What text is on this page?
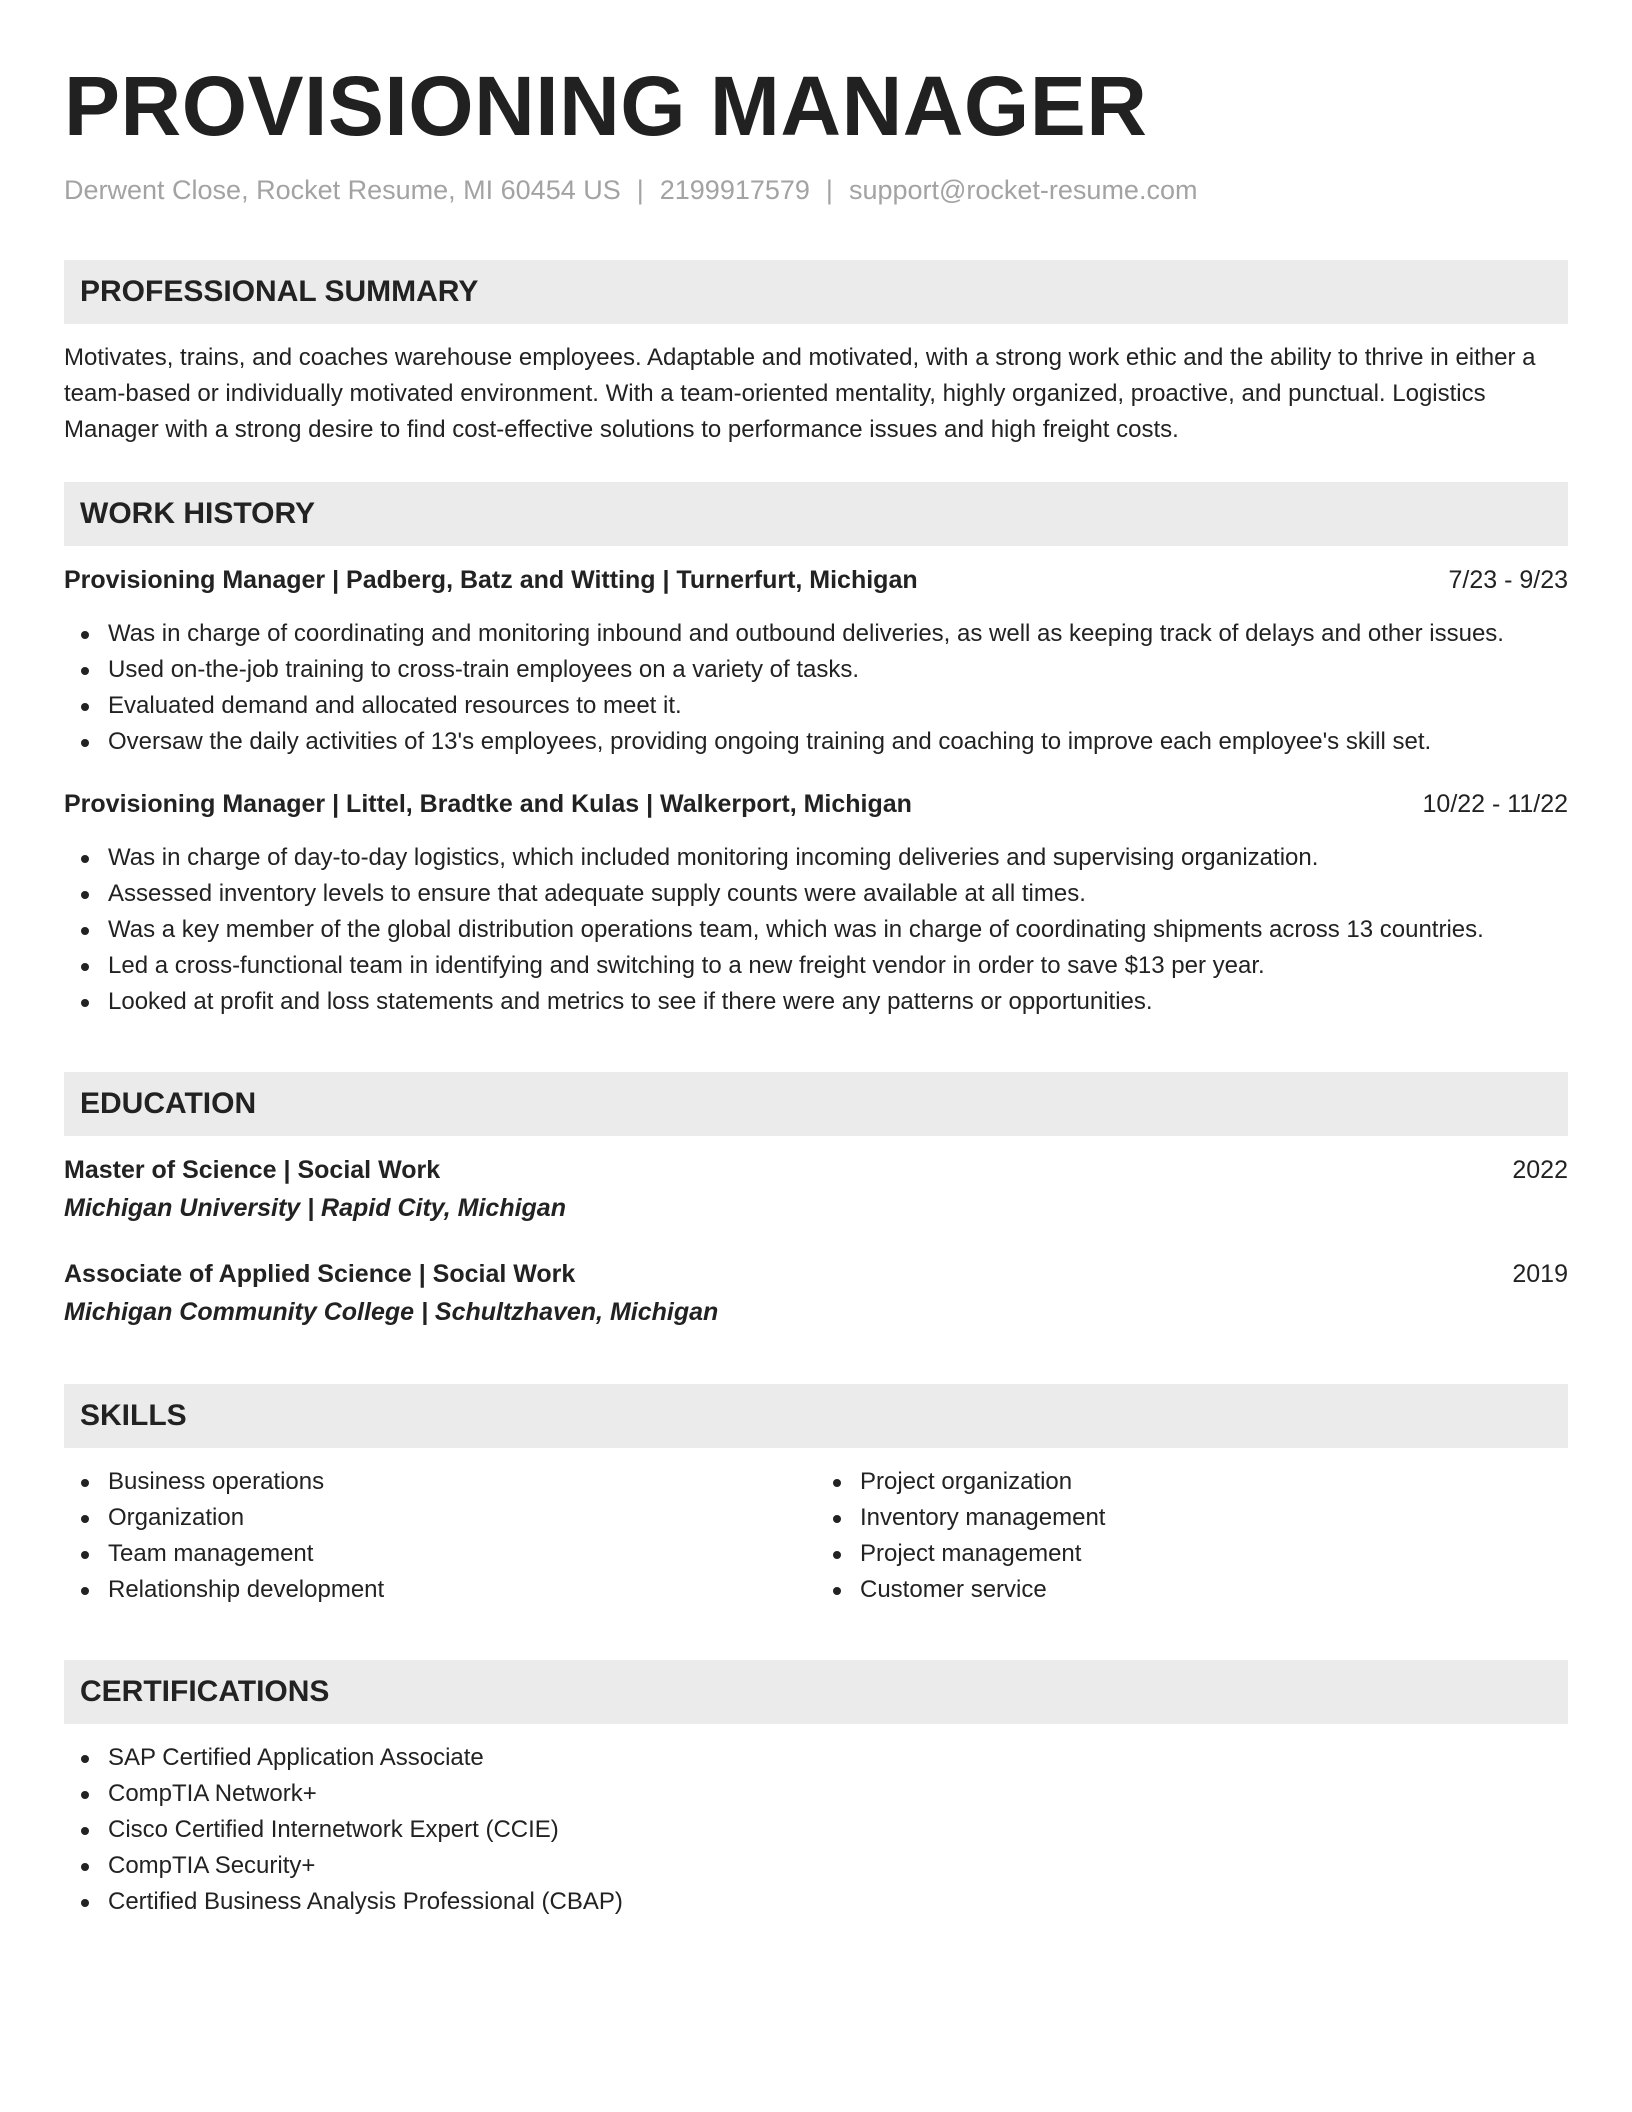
PROVISIONING MANAGER
Derwent Close, Rocket Resume, MI 60454 US | 2199917579 | support@rocket-resume.com
PROFESSIONAL SUMMARY
Motivates, trains, and coaches warehouse employees. Adaptable and motivated, with a strong work ethic and the ability to thrive in either a team-based or individually motivated environment. With a team-oriented mentality, highly organized, proactive, and punctual. Logistics Manager with a strong desire to find cost-effective solutions to performance issues and high freight costs.
WORK HISTORY
Provisioning Manager | Padberg, Batz and Witting | Turnerfurt, Michigan	7/23 - 9/23
Was in charge of coordinating and monitoring inbound and outbound deliveries, as well as keeping track of delays and other issues.
Used on-the-job training to cross-train employees on a variety of tasks.
Evaluated demand and allocated resources to meet it.
Oversaw the daily activities of 13's employees, providing ongoing training and coaching to improve each employee's skill set.
Provisioning Manager | Littel, Bradtke and Kulas | Walkerport, Michigan	10/22 - 11/22
Was in charge of day-to-day logistics, which included monitoring incoming deliveries and supervising organization.
Assessed inventory levels to ensure that adequate supply counts were available at all times.
Was a key member of the global distribution operations team, which was in charge of coordinating shipments across 13 countries.
Led a cross-functional team in identifying and switching to a new freight vendor in order to save $13 per year.
Looked at profit and loss statements and metrics to see if there were any patterns or opportunities.
EDUCATION
Master of Science | Social Work	2022
Michigan University | Rapid City, Michigan
Associate of Applied Science | Social Work	2019
Michigan Community College | Schultzhaven, Michigan
SKILLS
Business operations
Organization
Team management
Relationship development
Project organization
Inventory management
Project management
Customer service
CERTIFICATIONS
SAP Certified Application Associate
CompTIA Network+
Cisco Certified Internetwork Expert (CCIE)
CompTIA Security+
Certified Business Analysis Professional (CBAP)
